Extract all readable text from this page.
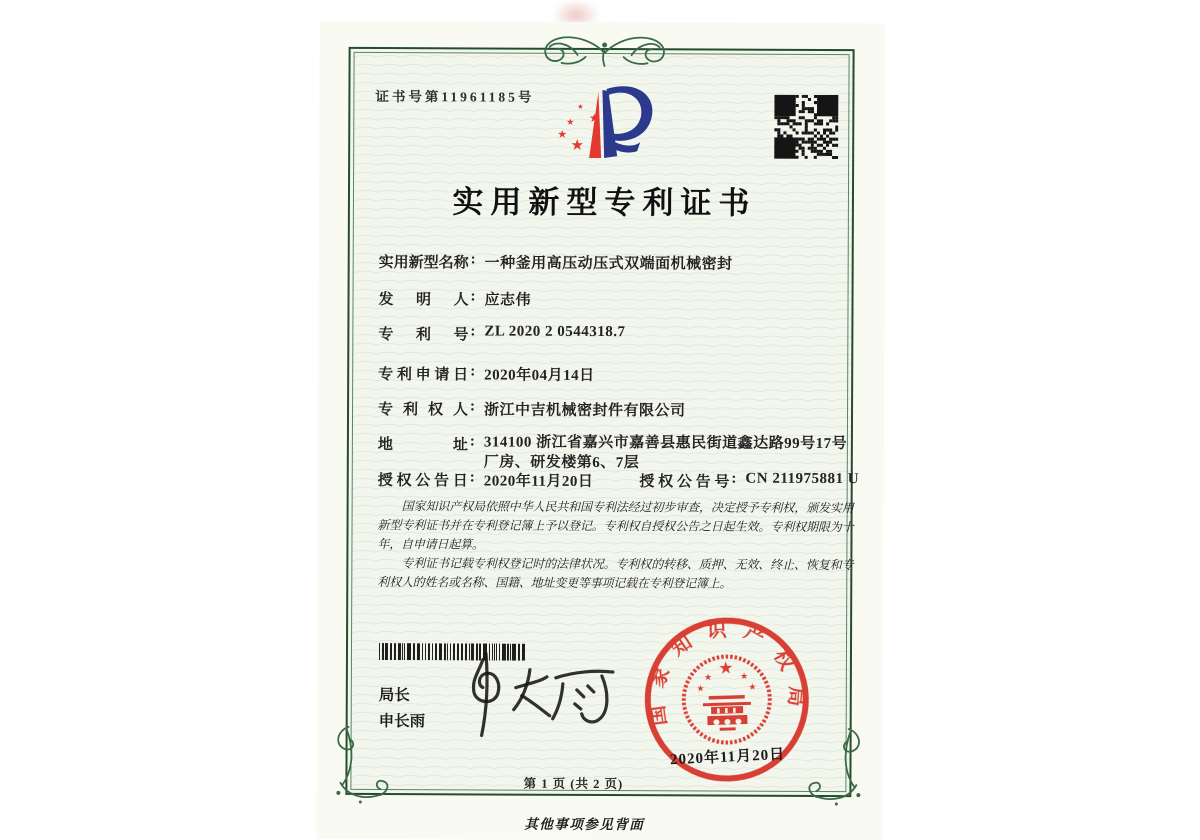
证书号第11961185号
★
★
★
★
★
实用新型专利证书
实用新型名称 : 一种釜用高压动压式双端面机械密封
发明人 : 应志伟
专利号 : ZL 2020 2 0544318.7
专利申请日 : 2020年04月14日
专利权人 : 浙江中吉机械密封件有限公司
地址 : 314100 浙江省嘉兴市嘉善县惠民街道鑫达路99号17号厂房、研发楼第6、7层
授权公告日 : 2020年11月20日	授权公告号 : CN 211975881 U

国家知识产权局依照中华人民共和国专利法经过初步审查，决定授予专利权，颁发实用新型专利证书并在专利登记簿上予以登记。专利权自授权公告之日起生效。专利权期限为十年，自申请日起算。

专利证书记载专利权登记时的法律状况。专利权的转移、质押、无效、终止、恢复和专利权人的姓名或名称、国籍、地址变更等事项记载在专利登记簿上。

局长
申长雨
★
★	★
★	★
国家知识产权局
2020年11月20日
第 1 页 (共 2 页)
其他事项参见背面
